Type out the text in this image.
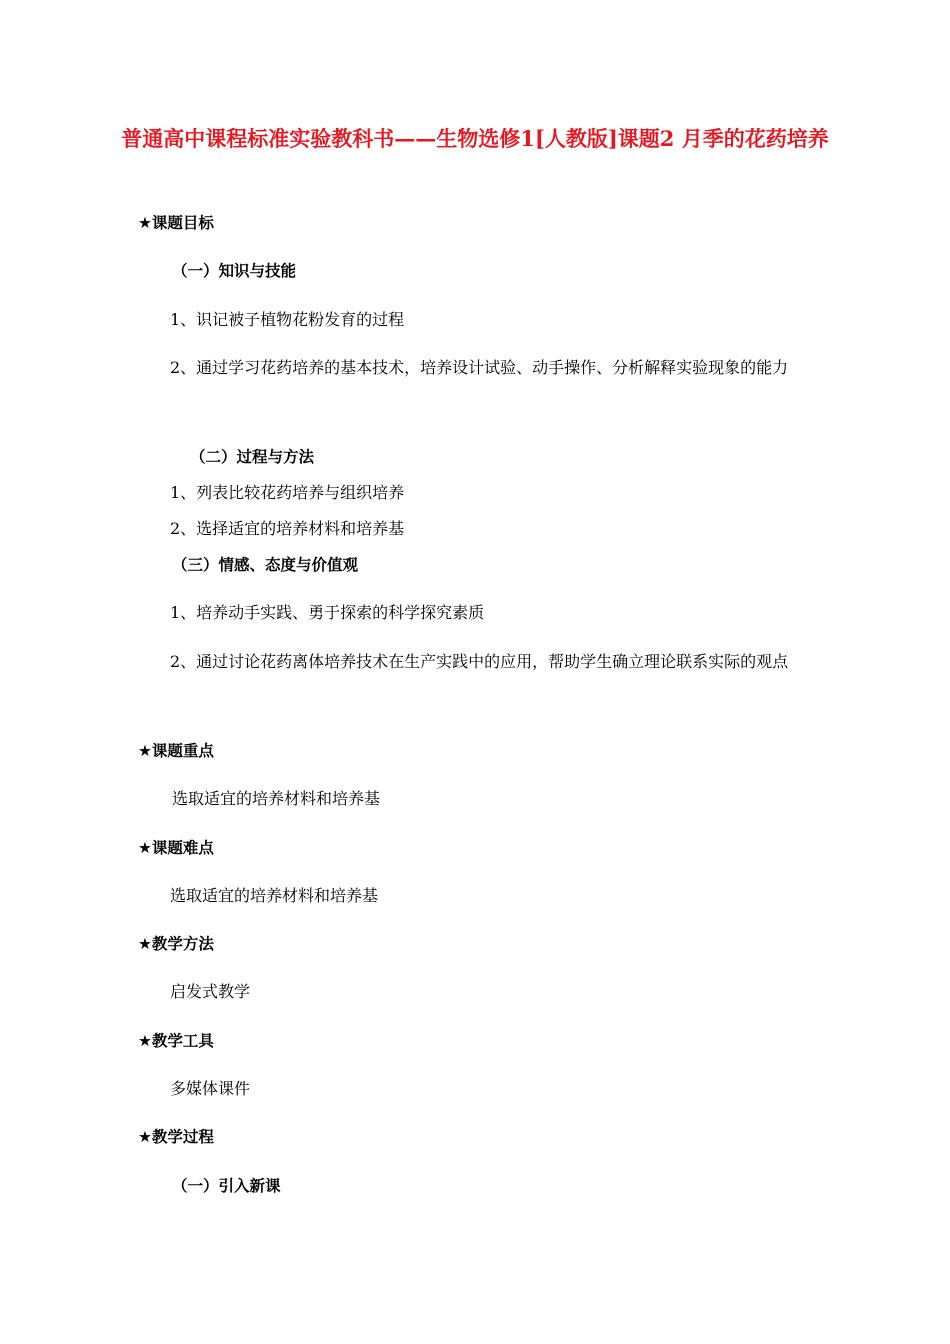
普通高中课程标准实验教科书——生物选修1[人教版]课题2 月季的花药培养
★课题目标
（一）知识与技能
1、识记被子植物花粉发育的过程
2、通过学习花药培养的基本技术，培养设计试验、动手操作、分析解释实验现象的能力
（二）过程与方法
1、列表比较花药培养与组织培养
2、选择适宜的培养材料和培养基
（三）情感、态度与价值观
1、培养动手实践、勇于探索的科学探究素质
2、通过讨论花药离体培养技术在生产实践中的应用，帮助学生确立理论联系实际的观点
★课题重点
选取适宜的培养材料和培养基
★课题难点
选取适宜的培养材料和培养基
★教学方法
启发式教学
★教学工具
多媒体课件
★教学过程
（一）引入新课
